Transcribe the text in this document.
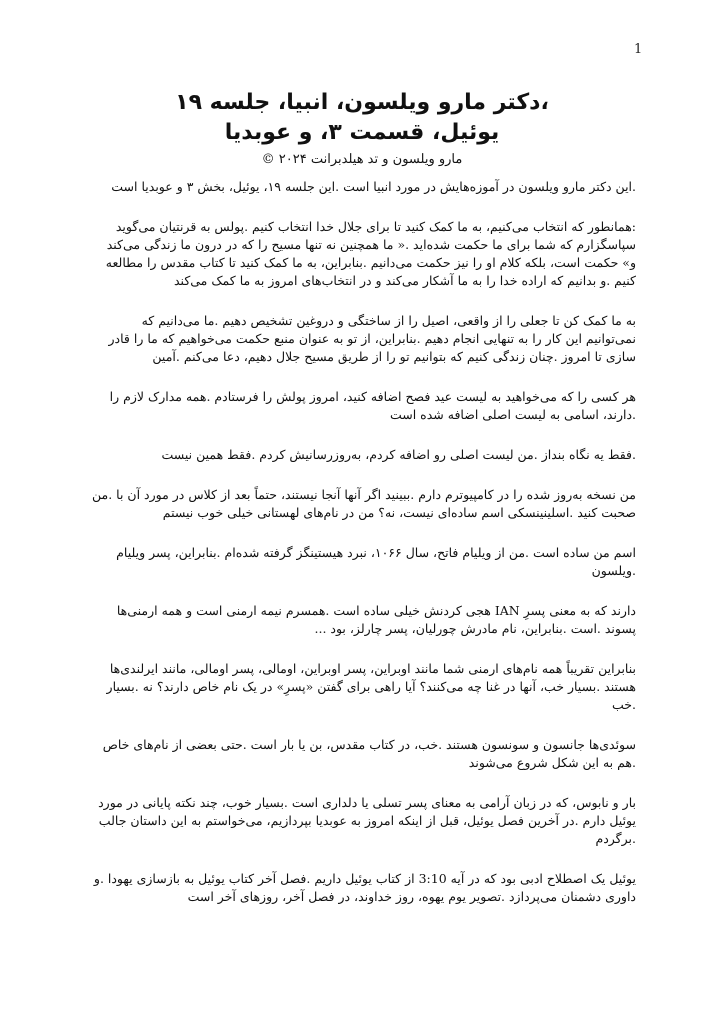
1
،دکتر مارو ویلسون، انبیا، جلسه ۱۹
یوئیل، قسمت ۳، و عوبدیا
مارو ویلسون و تد هیلدبرانت ۲۰۲۴ ©

.این دکتر مارو ویلسون در آموزه‌هایش در مورد انبیا است .این جلسه ۱۹، یوئیل، بخش ۳ و عوبدیا است

:همانطور که انتخاب می‌کنیم، به ما کمک کنید تا برای جلال خدا انتخاب کنیم .پولس به قرنتیان می‌گوید سپاسگزارم که شما برای ما حکمت شده‌اید .« ما همچنین نه تنها مسیح را که در درون ما زندگی می‌کند و» حکمت است، بلکه کلام او را نیز حکمت می‌دانیم .بنابراین، به ما کمک کنید تا کتاب مقدس را مطالعه کنیم .و بدانیم که اراده خدا را به ما آشکار می‌کند و در انتخاب‌های امروز به ما کمک می‌کند

به ما کمک کن تا جعلی را از واقعی، اصیل را از ساختگی و دروغین تشخیص دهیم .ما می‌دانیم که نمی‌توانیم این کار را به تنهایی انجام دهیم .بنابراین، از تو به عنوان منبع حکمت می‌خواهیم که ما را قادر سازی تا امروز .چنان زندگی کنیم که بتوانیم تو را از طریق مسیح جلال دهیم، دعا می‌کنم .آمین

هر کسی را که می‌خواهید به لیست عید فصح اضافه کنید، امروز پولش را فرستادم .همه مدارک لازم را .دارند، اسامی به لیست اصلی اضافه شده است

.فقط یه نگاه بنداز .من لیست اصلی رو اضافه کردم، به‌روزرسانیش کردم .فقط همین نیست

من نسخه به‌روز شده را در کامپیوترم دارم .ببینید اگر آنها آنجا نیستند، حتماً بعد از کلاس در مورد آن با .من صحبت کنید .اسلینینسکی اسم ساده‌ای نیست، نه؟ من در نام‌های لهستانی خیلی خوب نیستم

اسم من ساده است .من از ویلیام فاتح، سال ۱۰۶۶، نبرد هیستینگز گرفته شده‌ام .بنابراین، پسر ویلیام .ویلسون

دارند که به معنی پسرِ IAN هجی کردنش خیلی ساده است .همسرم نیمه ارمنی است و همه ارمنی‌ها پسوند .است .بنابراین، نام مادرش چورلیان، پسر چارلز، بود ...

بنابراین تقریباً همه نام‌های ارمنی شما مانند اوبراین، پسر اوبراین، اومالی، پسر اومالی، مانند ایرلندی‌ها هستند .بسیار خب، آنها در غنا چه می‌کنند؟ آیا راهی برای گفتن «پسرِ» در یک نام خاص دارند؟ نه .بسیار .خب

سوئدی‌ها جانسون و سونسون هستند .خب، در کتاب مقدس، بن یا بار است .حتی بعضی از نام‌های خاص .هم به این شکل شروع می‌شوند

بار و نابوس، که در زبان آرامی به معنای پسر تسلی یا دلداری است .بسیار خوب، چند نکته پایانی در مورد یوئیل دارم .در آخرین فصل یوئیل، قبل از اینکه امروز به عوبدیا بپردازیم، می‌خواستم به این داستان جالب .برگردم

یوئیل یک اصطلاح ادبی بود که در آیه 3:10 از کتاب یوئیل داریم .فصل آخر کتاب یوئیل به بازسازی یهودا .و داوری دشمنان می‌پردازد .تصویر یوم یهوه، روز خداوند، در فصل آخر، روزهای آخر است
